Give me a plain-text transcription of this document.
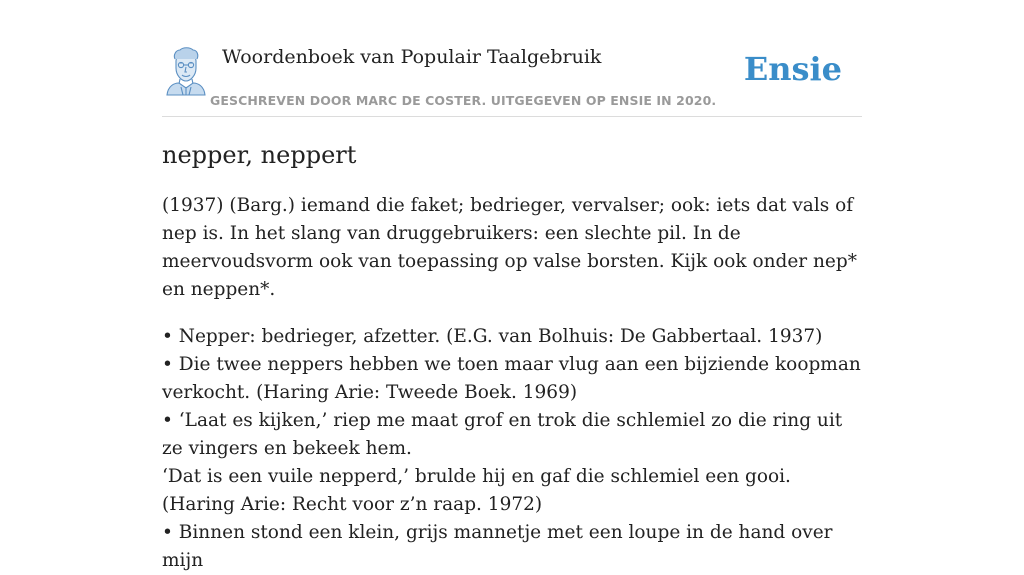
Woordenboek van Populair Taalgebruik
GESCHREVEN DOOR MARC DE COSTER. UITGEGEVEN OP ENSIE IN 2020.
Ensie
nepper, neppert

(1937) (Barg.) iemand die faket; bedrieger, vervalser; ook: iets dat vals of nep is. In het slang van druggebruikers: een slechte pil. In de meervoudsvorm ook van toepassing op valse borsten. Kijk ook onder nep* en neppen*.

• Nepper: bedrieger, afzetter. (E.G. van Bolhuis: De Gabbertaal. 1937)
• Die twee neppers hebben we toen maar vlug aan een bijziende koopman verkocht. (Haring Arie: Tweede Boek. 1969)
• ‘Laat es kijken,’ riep me maat grof en trok die schlemiel zo die ring uit ze vingers en bekeek hem.
‘Dat is een vuile nepperd,’ brulde hij en gaf die schlemiel een gooi. (Haring Arie: Recht voor z’n raap. 1972)
• Binnen stond een klein, grijs mannetje met een loupe in de hand over mijn
